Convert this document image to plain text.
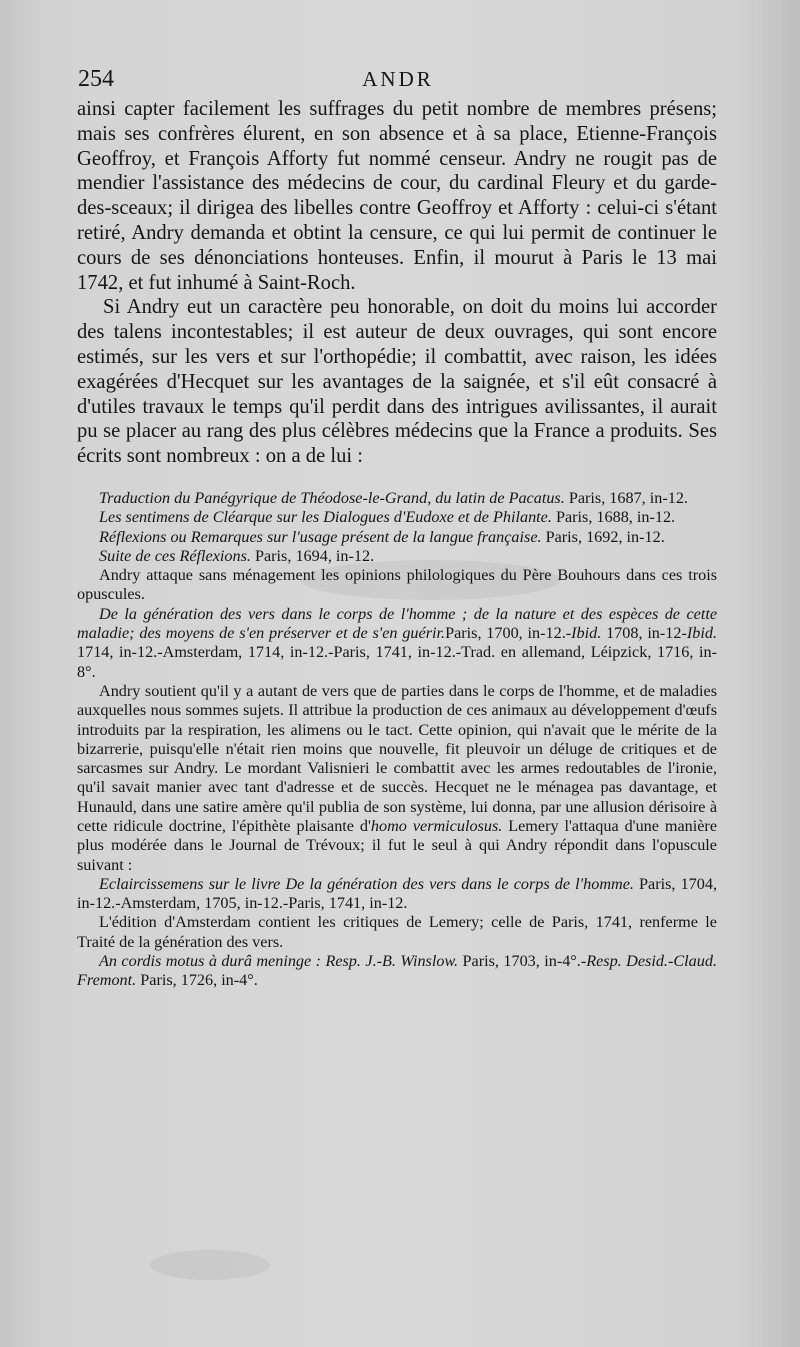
254	ANDR

ainsi capter facilement les suffrages du petit nombre de membres présens; mais ses confrères élurent, en son absence et à sa place, Etienne-François Geoffroy, et François Afforty fut nommé censeur. Andry ne rougit pas de mendier l'assistance des médecins de cour, du cardinal Fleury et du garde-des-sceaux; il dirigea des libelles contre Geoffroy et Afforty : celui-ci s'étant retiré, Andry demanda et obtint la censure, ce qui lui permit de continuer le cours de ses dénonciations honteuses. Enfin, il mourut à Paris le 13 mai 1742, et fut inhumé à Saint-Roch.

Si Andry eut un caractère peu honorable, on doit du moins lui accorder des talens incontestables; il est auteur de deux ouvrages, qui sont encore estimés, sur les vers et sur l'orthopédie; il combattit, avec raison, les idées exagérées d'Hecquet sur les avantages de la saignée, et s'il eût consacré à d'utiles travaux le temps qu'il perdit dans des intrigues avilissantes, il aurait pu se placer au rang des plus célèbres médecins que la France a produits. Ses écrits sont nombreux : on a de lui :

Traduction du Panégyrique de Théodose-le-Grand, du latin de Pacatus. Paris, 1687, in-12.

Les sentimens de Cléarque sur les Dialogues d'Eudoxe et de Philante. Paris, 1688, in-12.

Réflexions ou Remarques sur l'usage présent de la langue française. Paris, 1692, in-12.

Suite de ces Réflexions. Paris, 1694, in-12.

Andry attaque sans ménagement les opinions philologiques du Père Bouhours dans ces trois opuscules.

De la génération des vers dans le corps de l'homme ; de la nature et des espèces de cette maladie; des moyens de s'en préserver et de s'en guérir.Paris, 1700, in-12.-Ibid. 1708, in-12-Ibid. 1714, in-12.-Amsterdam, 1714, in-12.-Paris, 1741, in-12.-Trad. en allemand, Léipzick, 1716, in-8°.

Andry soutient qu'il y a autant de vers que de parties dans le corps de l'homme, et de maladies auxquelles nous sommes sujets. Il attribue la production de ces animaux au développement d'œufs introduits par la respiration, les alimens ou le tact. Cette opinion, qui n'avait que le mérite de la bizarrerie, puisqu'elle n'était rien moins que nouvelle, fit pleuvoir un déluge de critiques et de sarcasmes sur Andry. Le mordant Valisnieri le combattit avec les armes redoutables de l'ironie, qu'il savait manier avec tant d'adresse et de succès. Hecquet ne le ménagea pas davantage, et Hunauld, dans une satire amère qu'il publia de son système, lui donna, par une allusion dérisoire à cette ridicule doctrine, l'épithète plaisante d'homo vermiculosus. Lemery l'attaqua d'une manière plus modérée dans le Journal de Trévoux; il fut le seul à qui Andry répondit dans l'opuscule suivant :

Eclaircissemens sur le livre De la génération des vers dans le corps de l'homme. Paris, 1704, in-12.-Amsterdam, 1705, in-12.-Paris, 1741, in-12.

L'édition d'Amsterdam contient les critiques de Lemery; celle de Paris, 1741, renferme le Traité de la génération des vers.

An cordis motus à durâ meninge : Resp. J.-B. Winslow. Paris, 1703, in-4°.-Resp. Desid.-Claud. Fremont. Paris, 1726, in-4°.
